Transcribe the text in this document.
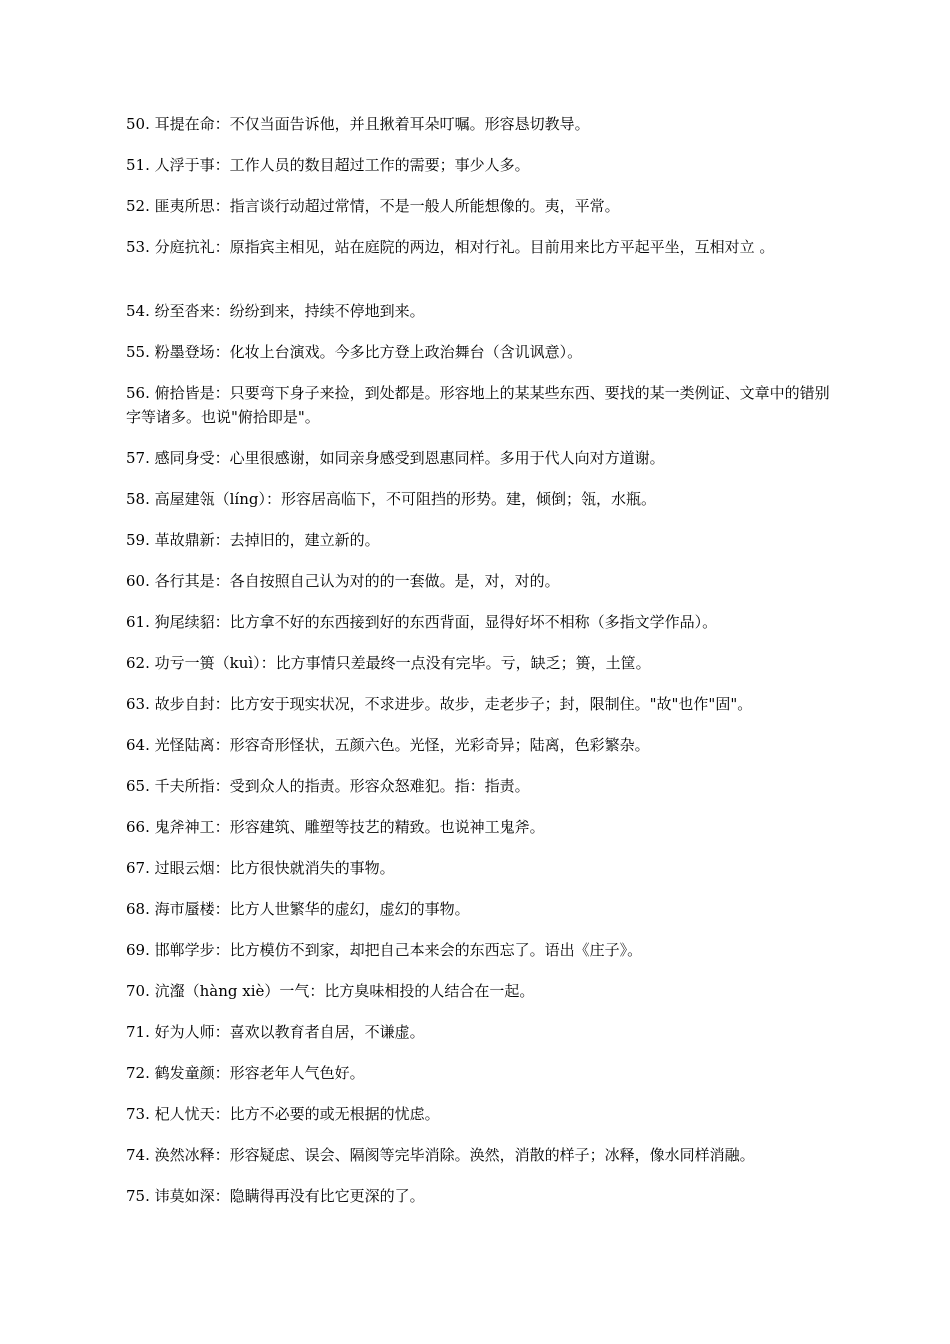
50. 耳提在命：不仅当面告诉他，并且揪着耳朵叮嘱。形容恳切教导。

51. 人浮于事：工作人员的数目超过工作的需要；事少人多。

52. 匪夷所思：指言谈行动超过常情，不是一般人所能想像的。夷，平常。

53. 分庭抗礼：原指宾主相见，站在庭院的两边，相对行礼。目前用来比方平起平坐，互相对立 。

54. 纷至沓来：纷纷到来，持续不停地到来。

55. 粉墨登场：化妆上台演戏。今多比方登上政治舞台（含讥讽意）。

56. 俯拾皆是：只要弯下身子来捡，到处都是。形容地上的某某些东西、要找的某一类例证、文章中的错别字等诸多。也说"俯拾即是"。

57. 感同身受：心里很感谢，如同亲身感受到恩惠同样。多用于代人向对方道谢。

58. 高屋建瓴（líng）：形容居高临下，不可阻挡的形势。建，倾倒；瓴，水瓶。

59. 革故鼎新：去掉旧的，建立新的。

60. 各行其是：各自按照自己认为对的的一套做。是，对，对的。

61. 狗尾续貂：比方拿不好的东西接到好的东西背面，显得好坏不相称（多指文学作品）。

62. 功亏一篑（kuì）：比方事情只差最终一点没有完毕。亏，缺乏；篑，土筐。

63. 故步自封：比方安于现实状况，不求进步。故步，走老步子；封，限制住。"故"也作"固"。

64. 光怪陆离：形容奇形怪状，五颜六色。光怪，光彩奇异；陆离，色彩繁杂。

65. 千夫所指：受到众人的指责。形容众怒难犯。指：指责。

66. 鬼斧神工：形容建筑、雕塑等技艺的精致。也说神工鬼斧。

67. 过眼云烟：比方很快就消失的事物。

68. 海市蜃楼：比方人世繁华的虚幻，虚幻的事物。

69. 邯郸学步：比方模仿不到家，却把自己本来会的东西忘了。语出《庄子》。

70. 沆瀣（hàng xiè）一气：比方臭味相投的人结合在一起。

71. 好为人师：喜欢以教育者自居，不谦虚。

72. 鹤发童颜：形容老年人气色好。

73. 杞人忧天：比方不必要的或无根据的忧虑。

74. 涣然冰释：形容疑虑、误会、隔阂等完毕消除。涣然，消散的样子；冰释，像水同样消融。

75. 讳莫如深：隐瞒得再没有比它更深的了。
